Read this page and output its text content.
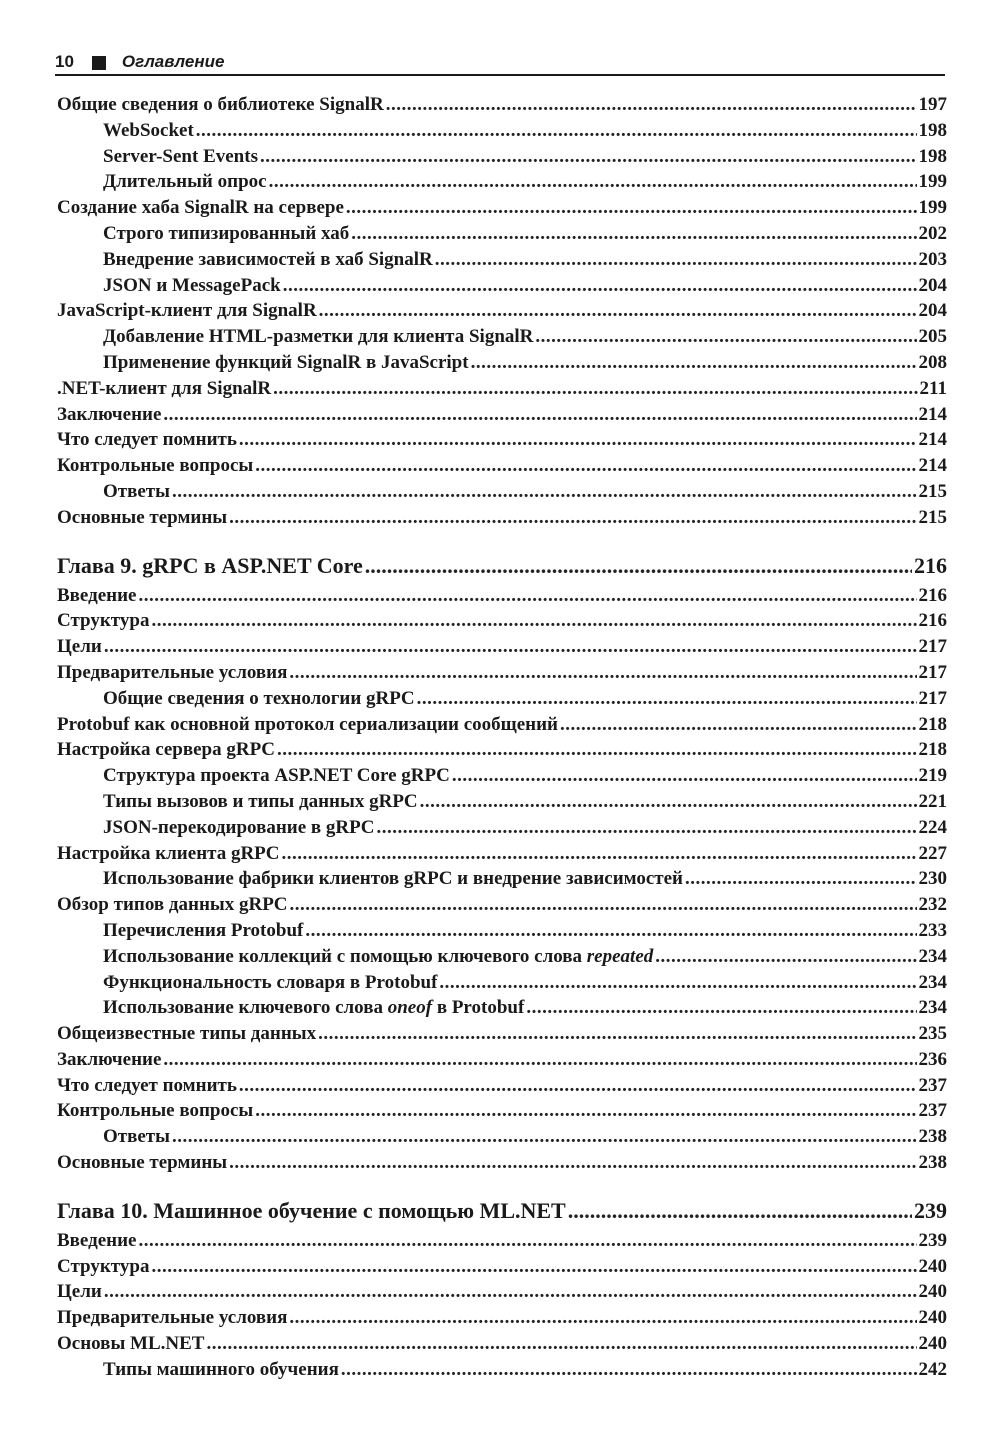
10	Оглавление
Общие сведения о библиотеке SignalR .....	197
WebSocket .....	198
Server-Sent Events .....	198
Длительный опрос .....	199
Создание хаба SignalR на сервере .....	199
Строго типизированный хаб .....	202
Внедрение зависимостей в хаб SignalR .....	203
JSON и MessagePack .....	204
JavaScript-клиент для SignalR .....	204
Добавление HTML-разметки для клиента SignalR .....	205
Применение функций SignalR в JavaScript .....	208
.NET-клиент для SignalR .....	211
Заключение .....	214
Что следует помнить .....	214
Контрольные вопросы .....	214
Ответы .....	215
Основные термины .....	215
Глава 9. gRPC в ASP.NET Core .....	216
Введение .....	216
Структура .....	216
Цели .....	217
Предварительные условия .....	217
Общие сведения о технологии gRPC .....	217
Protobuf как основной протокол сериализации сообщений .....	218
Настройка сервера gRPC .....	218
Структура проекта ASP.NET Core gRPC .....	219
Типы вызовов и типы данных gRPC .....	221
JSON-перекодирование в gRPC .....	224
Настройка клиента gRPC .....	227
Использование фабрики клиентов gRPC и внедрение зависимостей .....	230
Обзор типов данных gRPC .....	232
Перечисления Protobuf .....	233
Использование коллекций с помощью ключевого слова repeated .....	234
Функциональность словаря в Protobuf .....	234
Использование ключевого слова oneof в Protobuf .....	234
Общеизвестные типы данных .....	235
Заключение .....	236
Что следует помнить .....	237
Контрольные вопросы .....	237
Ответы .....	238
Основные термины .....	238
Глава 10. Машинное обучение с помощью ML.NET .....	239
Введение .....	239
Структура .....	240
Цели .....	240
Предварительные условия .....	240
Основы ML.NET .....	240
Типы машинного обучения .....	242
